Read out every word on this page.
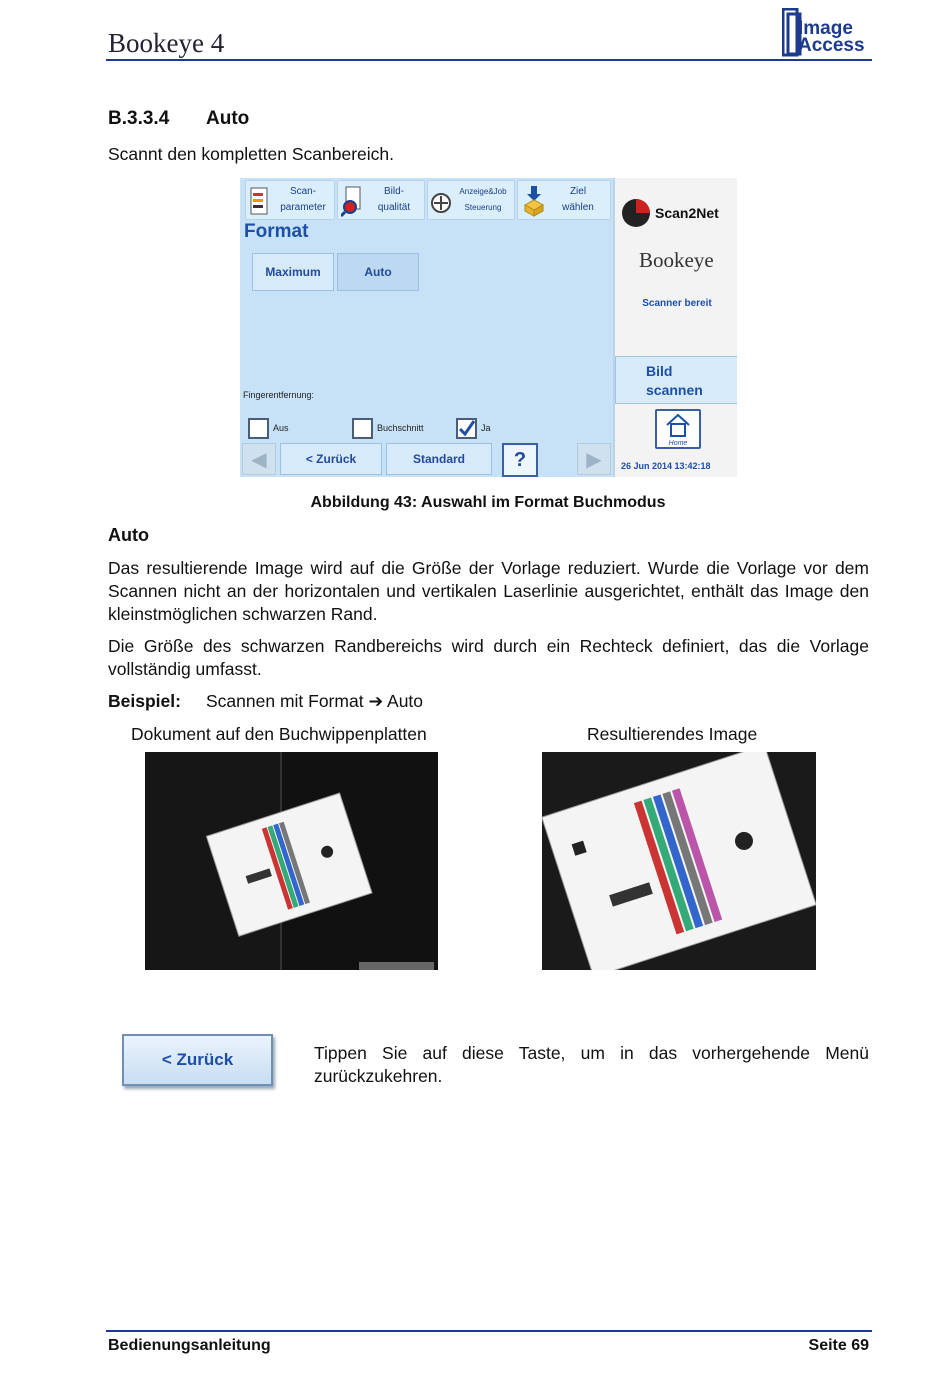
Bookeye 4	Image
Access
B.3.3.4 Auto
Scannt den kompletten Scanbereich.
Scan-
parameter
Bild-
qualität
Anzeige&Job
Steuerung
Ziel
wählen
Format
Maximum	Auto
Fingerentfernung:
Aus	Buchschnitt	Ja
◀	< Zurück	Standard	?	▶
Scan2Net
Bookeye
Scanner bereit
Bild
scannen
Home
26 Jun 2014 13:42:18
Abbildung 43: Auswahl im Format Buchmodus
Auto
Das resultierende Image wird auf die Größe der Vorlage reduziert. Wurde die Vorlage vor dem Scannen nicht an der horizontalen und vertikalen Laserlinie ausgerichtet, enthält das Image den kleinstmöglichen schwarzen Rand.
Die Größe des schwarzen Randbereichs wird durch ein Rechteck definiert, das die Vorlage vollständig umfasst.
Beispiel: Scannen mit Format ➔ Auto
Dokument auf den Buchwippenplatten	Resultierendes Image
< Zurück	Tippen Sie auf diese Taste, um in das vorhergehende Menü zurückzukehren.
Bedienungsanleitung	Seite 69
